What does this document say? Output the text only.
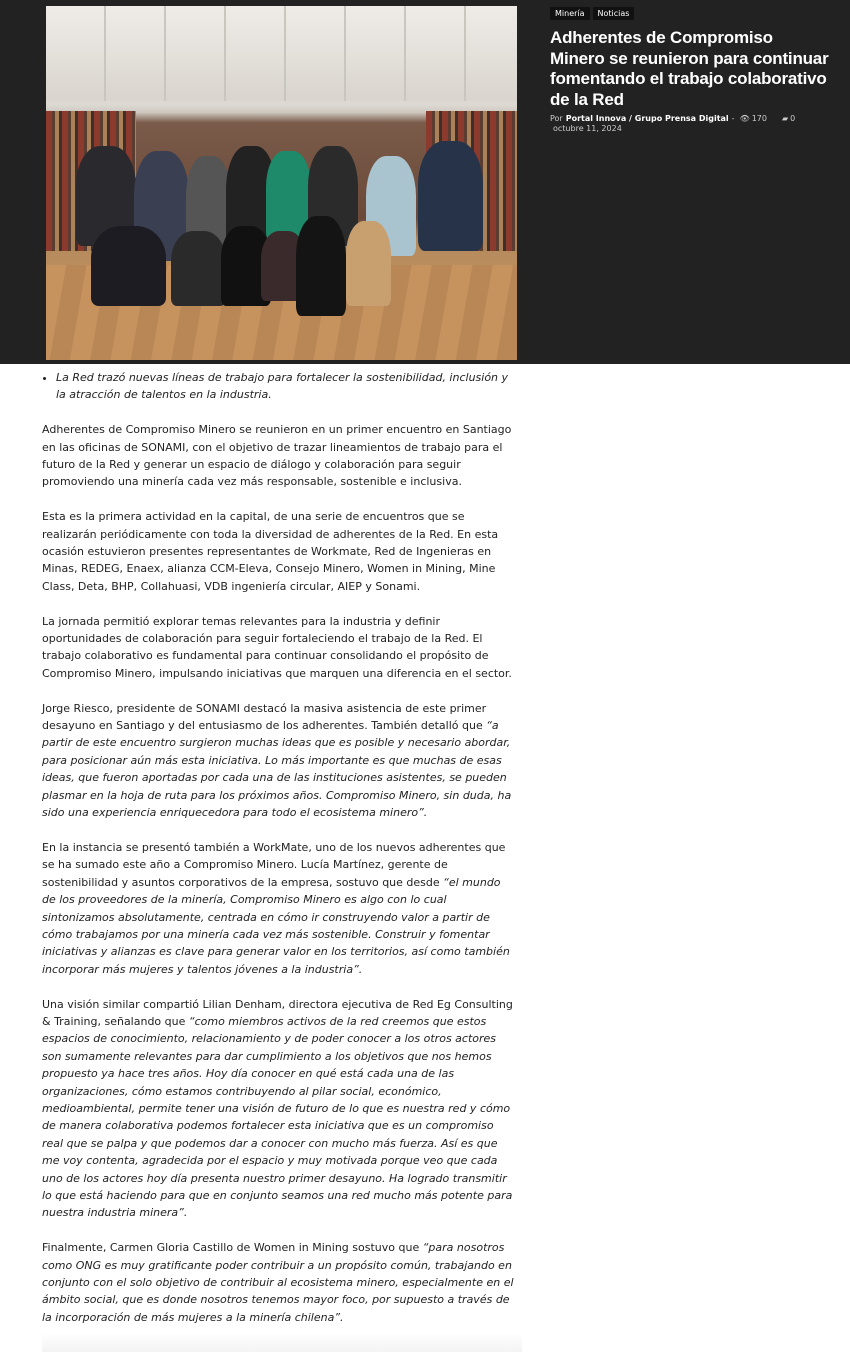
Minería	Noticias
Adherentes de Compromiso Minero se reunieron para continuar fomentando el trabajo colaborativo de la Red
Por Portal Innova / Grupo Prensa Digital - 👁 170 ▰ 0
octubre 11, 2024
• La Red trazó nuevas líneas de trabajo para fortalecer la sostenibilidad, inclusión y la atracción de talentos en la industria.

Adherentes de Compromiso Minero se reunieron en un primer encuentro en Santiago en las oficinas de SONAMI, con el objetivo de trazar lineamientos de trabajo para el futuro de la Red y generar un espacio de diálogo y colaboración para seguir promoviendo una minería cada vez más responsable, sostenible e inclusiva.

Esta es la primera actividad en la capital, de una serie de encuentros que se realizarán periódicamente con toda la diversidad de adherentes de la Red. En esta ocasión estuvieron presentes representantes de Workmate, Red de Ingenieras en Minas, REDEG, Enaex, alianza CCM-Eleva, Consejo Minero, Women in Mining, Mine Class, Deta, BHP, Collahuasi, VDB ingeniería circular, AIEP y Sonami.

La jornada permitió explorar temas relevantes para la industria y definir oportunidades de colaboración para seguir fortaleciendo el trabajo de la Red. El trabajo colaborativo es fundamental para continuar consolidando el propósito de Compromiso Minero, impulsando iniciativas que marquen una diferencia en el sector.

Jorge Riesco, presidente de SONAMI destacó la masiva asistencia de este primer desayuno en Santiago y del entusiasmo de los adherentes. También detalló que “a partir de este encuentro surgieron muchas ideas que es posible y necesario abordar, para posicionar aún más esta iniciativa. Lo más importante es que muchas de esas ideas, que fueron aportadas por cada una de las instituciones asistentes, se pueden plasmar en la hoja de ruta para los próximos años. Compromiso Minero, sin duda, ha sido una experiencia enriquecedora para todo el ecosistema minero”.

En la instancia se presentó también a WorkMate, uno de los nuevos adherentes que se ha sumado este año a Compromiso Minero. Lucía Martínez, gerente de sostenibilidad y asuntos corporativos de la empresa, sostuvo que desde “el mundo de los proveedores de la minería, Compromiso Minero es algo con lo cual sintonizamos absolutamente, centrada en cómo ir construyendo valor a partir de cómo trabajamos por una minería cada vez más sostenible. Construir y fomentar iniciativas y alianzas es clave para generar valor en los territorios, así como también incorporar más mujeres y talentos jóvenes a la industria”.

Una visión similar compartió Lilian Denham, directora ejecutiva de Red Eg Consulting & Training, señalando que “como miembros activos de la red creemos que estos espacios de conocimiento, relacionamiento y de poder conocer a los otros actores son sumamente relevantes para dar cumplimiento a los objetivos que nos hemos propuesto ya hace tres años. Hoy día conocer en qué está cada una de las organizaciones, cómo estamos contribuyendo al pilar social, económico, medioambiental, permite tener una visión de futuro de lo que es nuestra red y cómo de manera colaborativa podemos fortalecer esta iniciativa que es un compromiso real que se palpa y que podemos dar a conocer con mucho más fuerza. Así es que me voy contenta, agradecida por el espacio y muy motivada porque veo que cada uno de los actores hoy día presenta nuestro primer desayuno. Ha logrado transmitir lo que está haciendo para que en conjunto seamos una red mucho más potente para nuestra industria minera”.

Finalmente, Carmen Gloria Castillo de Women in Mining sostuvo que “para nosotros como ONG es muy gratificante poder contribuir a un propósito común, trabajando en conjunto con el solo objetivo de contribuir al ecosistema minero, especialmente en el ámbito social, que es donde nosotros tenemos mayor foco, por supuesto a través de la incorporación de más mujeres a la minería chilena”.
